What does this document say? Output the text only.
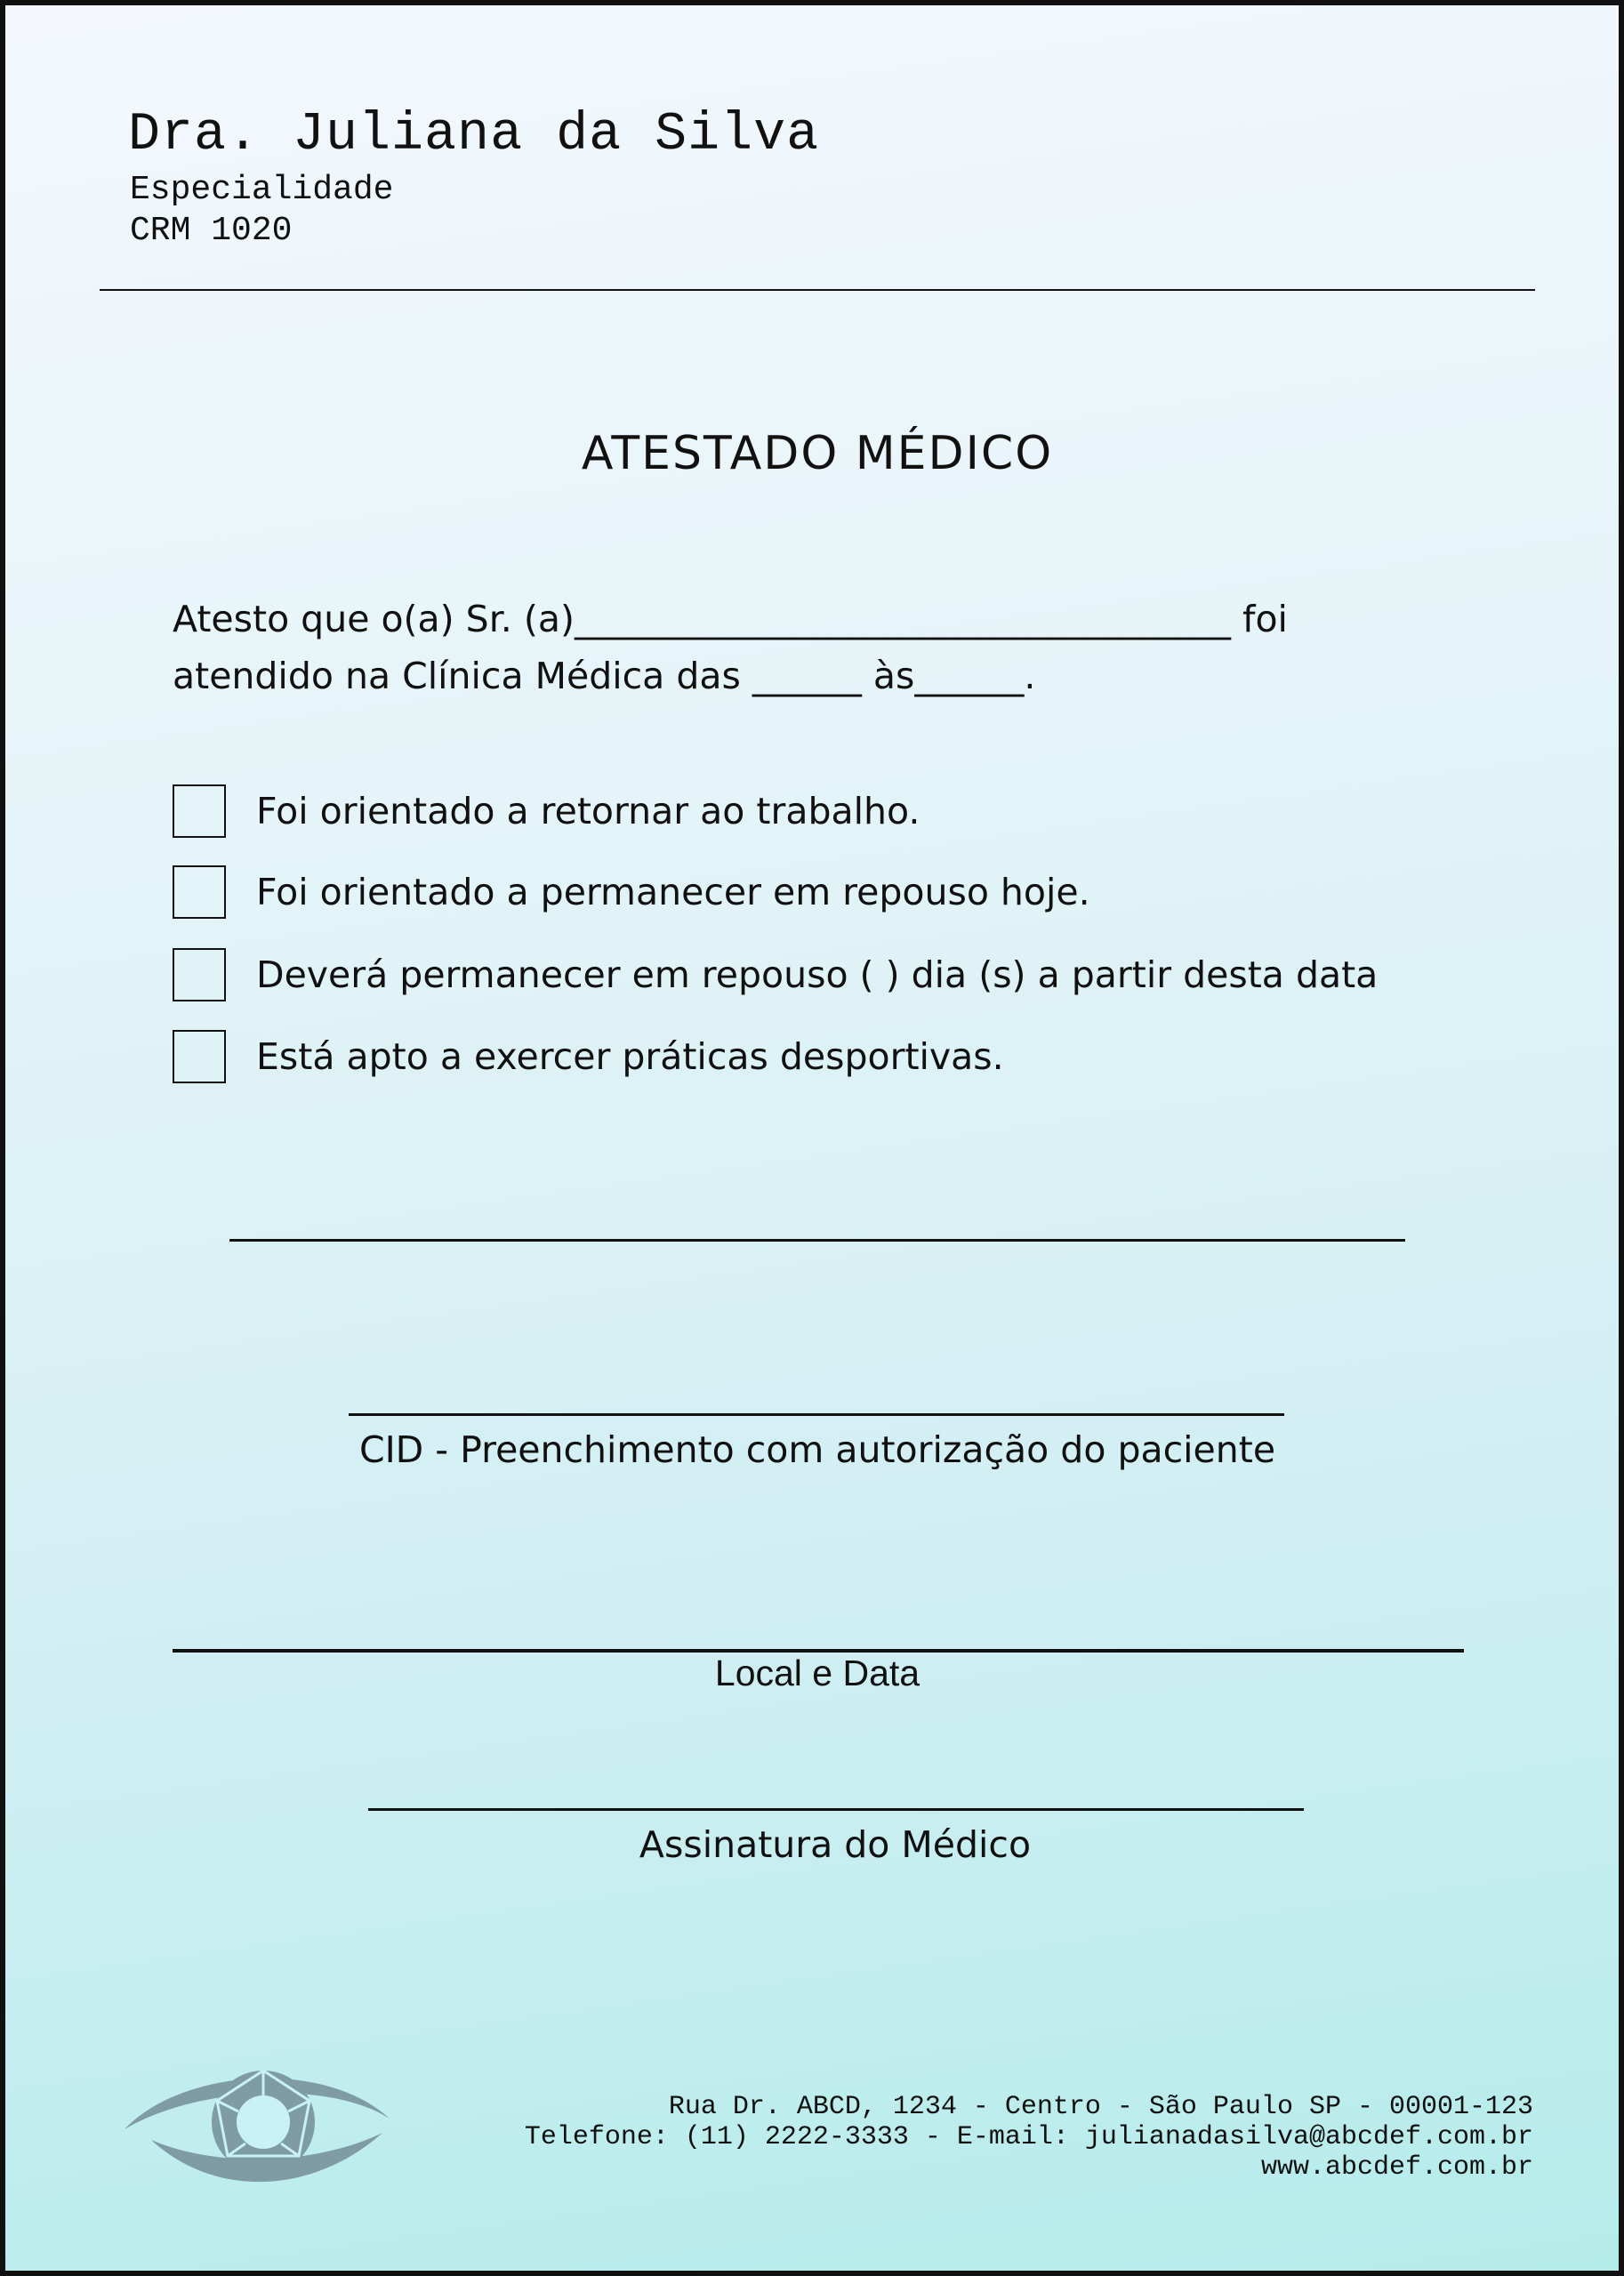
Dra. Juliana da Silva
Especialidade
CRM 1020
ATESTADO MÉDICO
Atesto que o(a) Sr. (a)____________________________________ foi
atendido na Clínica Médica das ______ às______.
Foi orientado a retornar ao trabalho.
Foi orientado a permanecer em repouso hoje.
Deverá permanecer em repouso ( ) dia (s) a partir desta data
Está apto a exercer práticas desportivas.
CID - Preenchimento com autorização do paciente
Local e Data
Assinatura do Médico
Rua Dr. ABCD, 1234 - Centro - São Paulo SP - 00001-123
Telefone: (11) 2222-3333 - E-mail: julianadasilva@abcdef.com.br
www.abcdef.com.br
